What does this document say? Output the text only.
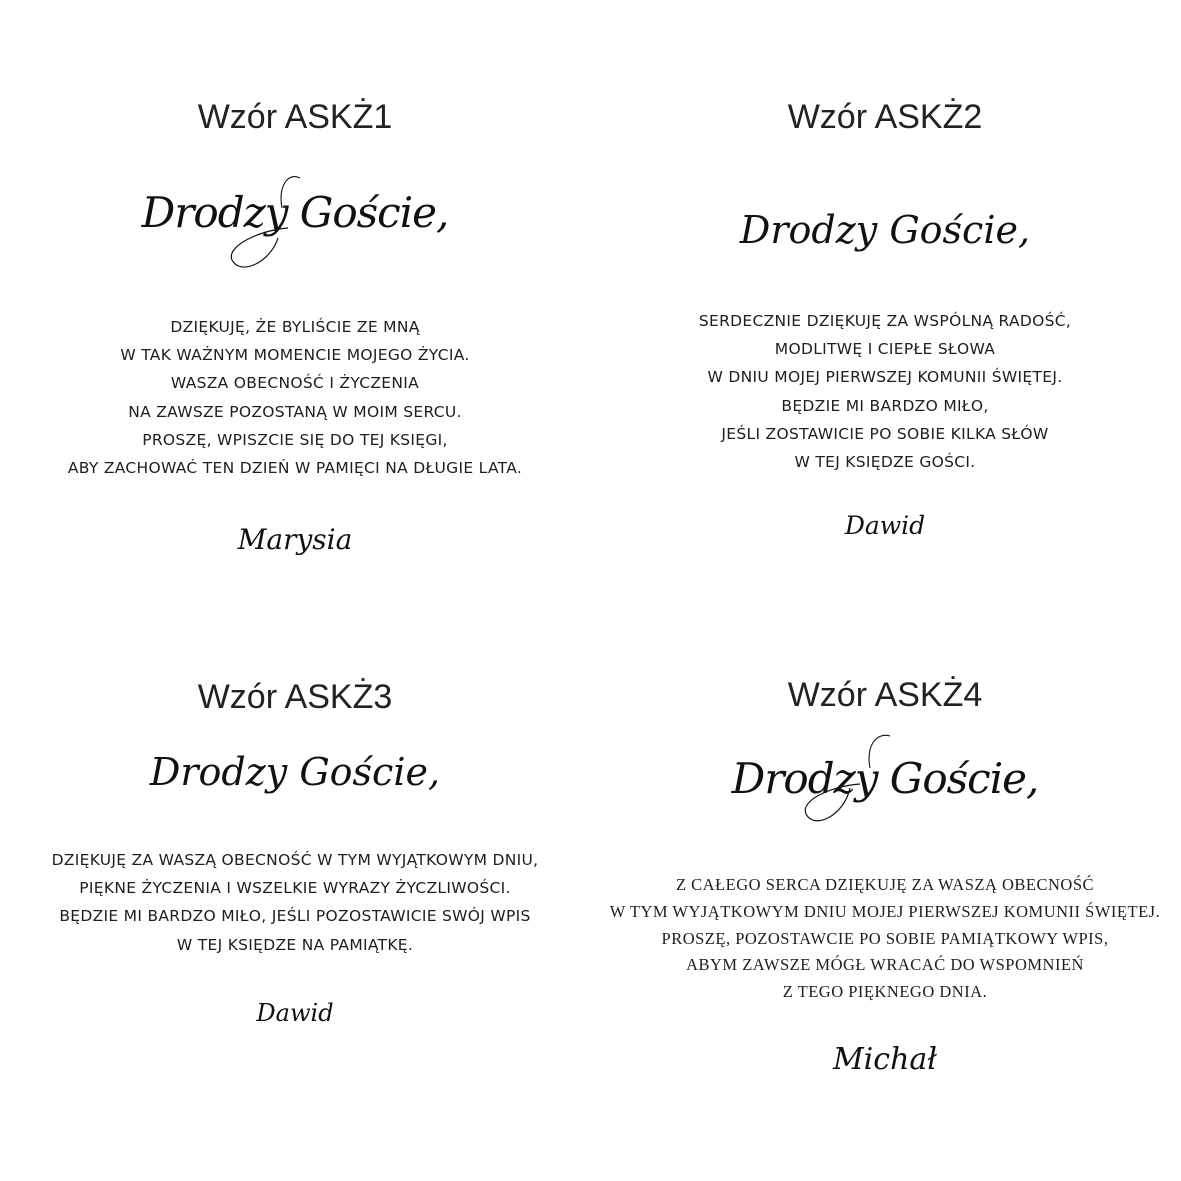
Wzór ASKŻ1
Drodzy Goście,
DZIĘKUJĘ, ŻE BYLIŚCIE ZE MNĄ
W TAK WAŻNYM MOMENCIE MOJEGO ŻYCIA.
WASZA OBECNOŚĆ I ŻYCZENIA
NA ZAWSZE POZOSTANĄ W MOIM SERCU.
PROSZĘ, WPISZCIE SIĘ DO TEJ KSIĘGI,
ABY ZACHOWAĆ TEN DZIEŃ W PAMIĘCI NA DŁUGIE LATA.
Marysia
Wzór ASKŻ2
Drodzy Goście,
SERDECZNIE DZIĘKUJĘ ZA WSPÓLNĄ RADOŚĆ,
MODLITWĘ I CIEPŁE SŁOWA
W DNIU MOJEJ PIERWSZEJ KOMUNII ŚWIĘTEJ.
BĘDZIE MI BARDZO MIŁO,
JEŚLI ZOSTAWICIE PO SOBIE KILKA SŁÓW
W TEJ KSIĘDZE GOŚCI.
Dawid
Wzór ASKŻ3
Drodzy Goście,
DZIĘKUJĘ ZA WASZĄ OBECNOŚĆ W TYM WYJĄTKOWYM DNIU,
PIĘKNE ŻYCZENIA I WSZELKIE WYRAZY ŻYCZLIWOŚCI.
BĘDZIE MI BARDZO MIŁO, JEŚLI POZOSTAWICIE SWÓJ WPIS
W TEJ KSIĘDZE NA PAMIĄTKĘ.
Dawid
Wzór ASKŻ4
Drodzy Goście,
Z CAŁEGO SERCA DZIĘKUJĘ ZA WASZĄ OBECNOŚĆ
W TYM WYJĄTKOWYM DNIU MOJEJ PIERWSZEJ KOMUNII ŚWIĘTEJ.
PROSZĘ, POZOSTAWCIE PO SOBIE PAMIĄTKOWY WPIS,
ABYM ZAWSZE MÓGŁ WRACAĆ DO WSPOMNIEŃ
Z TEGO PIĘKNEGO DNIA.
Michał
